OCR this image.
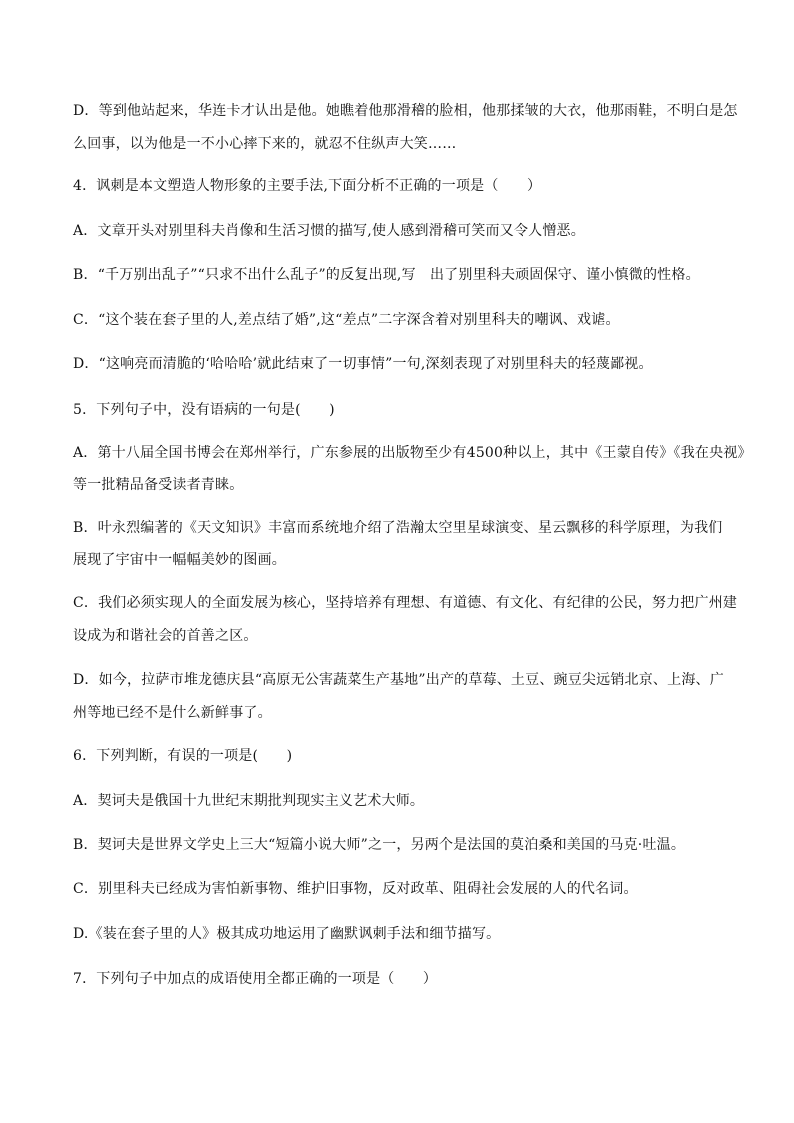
D．等到他站起来，华连卡才认出是他。她瞧着他那滑稽的脸相，他那揉皱的大衣，他那雨鞋，不明白是怎
么回事，以为他是一不小心摔下来的，就忍不住纵声大笑……
4．讽刺是本文塑造人物形象的主要手法,下面分析不正确的一项是（　　）
A．文章开头对别里科夫肖像和生活习惯的描写,使人感到滑稽可笑而又令人憎恶。
B．“千万别出乱子”“只求不出什么乱子”的反复出现,写　出了别里科夫顽固保守、谨小慎微的性格。
C．“这个装在套子里的人,差点结了婚”,这“差点”二字深含着对别里科夫的嘲讽、戏谑。
D．“这响亮而清脆的‘哈哈哈’就此结束了一切事情”一句,深刻表现了对别里科夫的轻蔑鄙视。
5．下列句子中，没有语病的一句是(　　)
A．第十八届全国书博会在郑州举行，广东参展的出版物至少有4500种以上，其中《王蒙自传》《我在央视》
等一批精品备受读者青睐。
B．叶永烈编著的《天文知识》丰富而系统地介绍了浩瀚太空里星球演变、星云飘移的科学原理，为我们
展现了宇宙中一幅幅美妙的图画。
C．我们必须实现人的全面发展为核心，坚持培养有理想、有道德、有文化、有纪律的公民，努力把广州建
设成为和谐社会的首善之区。
D．如今，拉萨市堆龙德庆县“高原无公害蔬菜生产基地”出产的草莓、土豆、豌豆尖远销北京、上海、广
州等地已经不是什么新鲜事了。
6．下列判断，有误的一项是(　　)
A．契诃夫是俄国十九世纪末期批判现实主义艺术大师。
B．契诃夫是世界文学史上三大“短篇小说大师”之一，另两个是法国的莫泊桑和美国的马克·吐温。
C．别里科夫已经成为害怕新事物、维护旧事物，反对政革、阻碍社会发展的人的代名词。
D.《装在套子里的人》极其成功地运用了幽默讽刺手法和细节描写。
7．下列句子中加点的成语使用全都正确的一项是（　　）
